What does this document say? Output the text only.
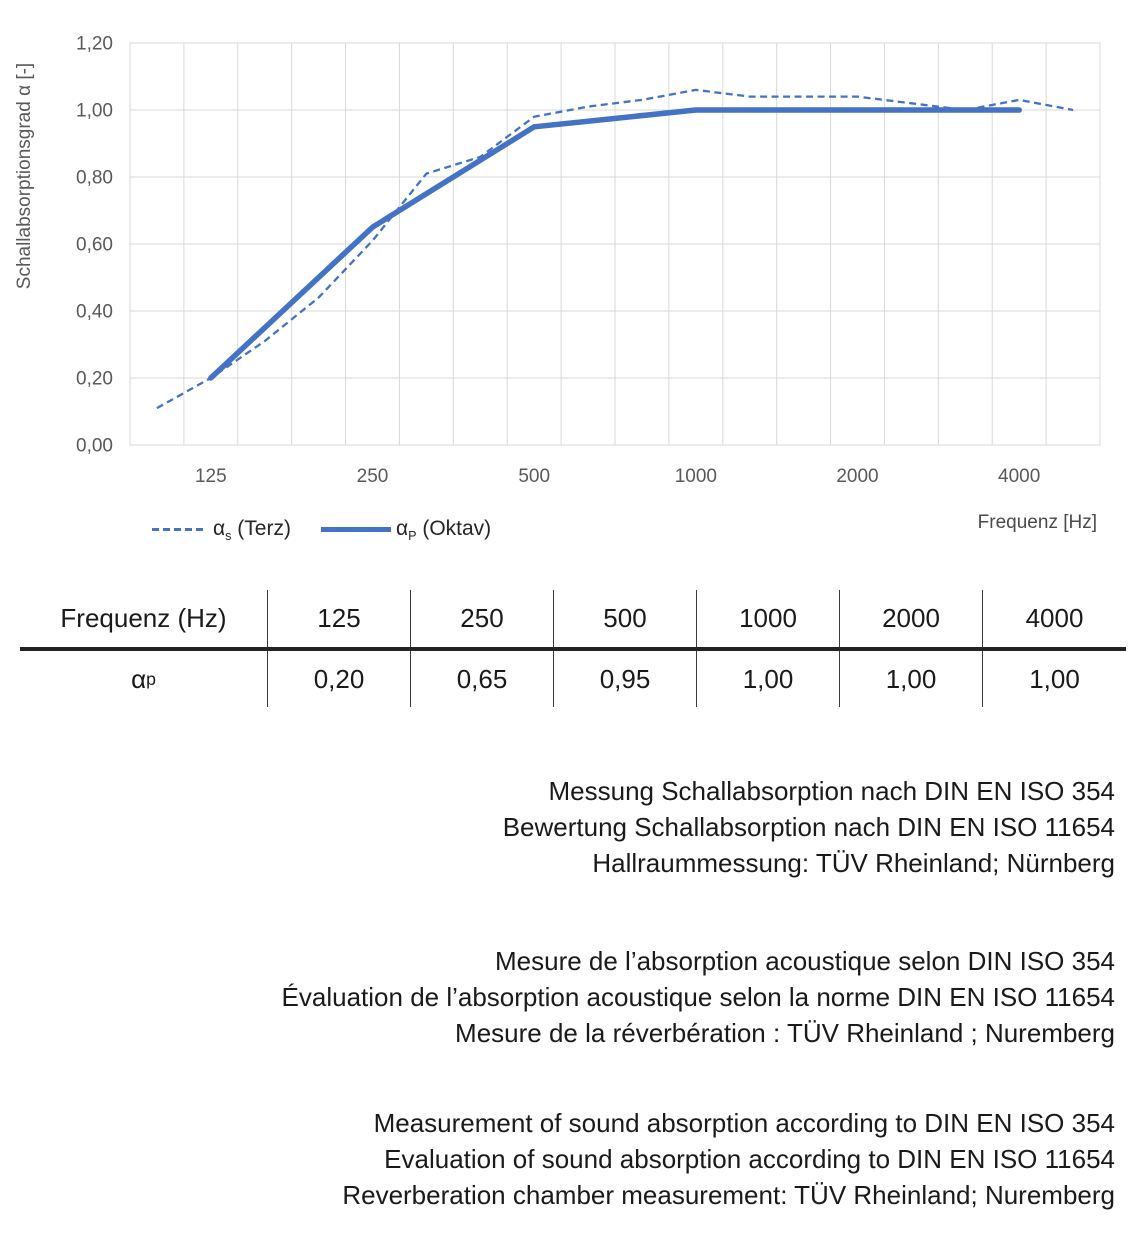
125	250	500	1000	2000	4000
1,20
1,00
0,80
0,60
0,40
0,20
0,00
Schallabsorptionsgrad α [-]
$\alpha_s$ (Terz)	$\alpha_P$ (Oktav)	Frequenz [Hz]
Frequenz (Hz)	125	250	500	1000	2000	4000
α p	0,20	0,65	0,95	1,00	1,00	1,00

Messung Schallabsorption nach DIN EN ISO 354

Bewertung Schallabsorption nach DIN EN ISO 11654

Hallraummessung: TÜV Rheinland; Nürnberg

Mesure de l’absorption acoustique selon DIN ISO 354

Évaluation de l’absorption acoustique selon la norme DIN EN ISO 11654

Mesure de la réverbération : TÜV Rheinland ; Nuremberg

Measurement of sound absorption according to DIN EN ISO 354

Evaluation of sound absorption according to DIN EN ISO 11654

Reverberation chamber measurement: TÜV Rheinland; Nuremberg
